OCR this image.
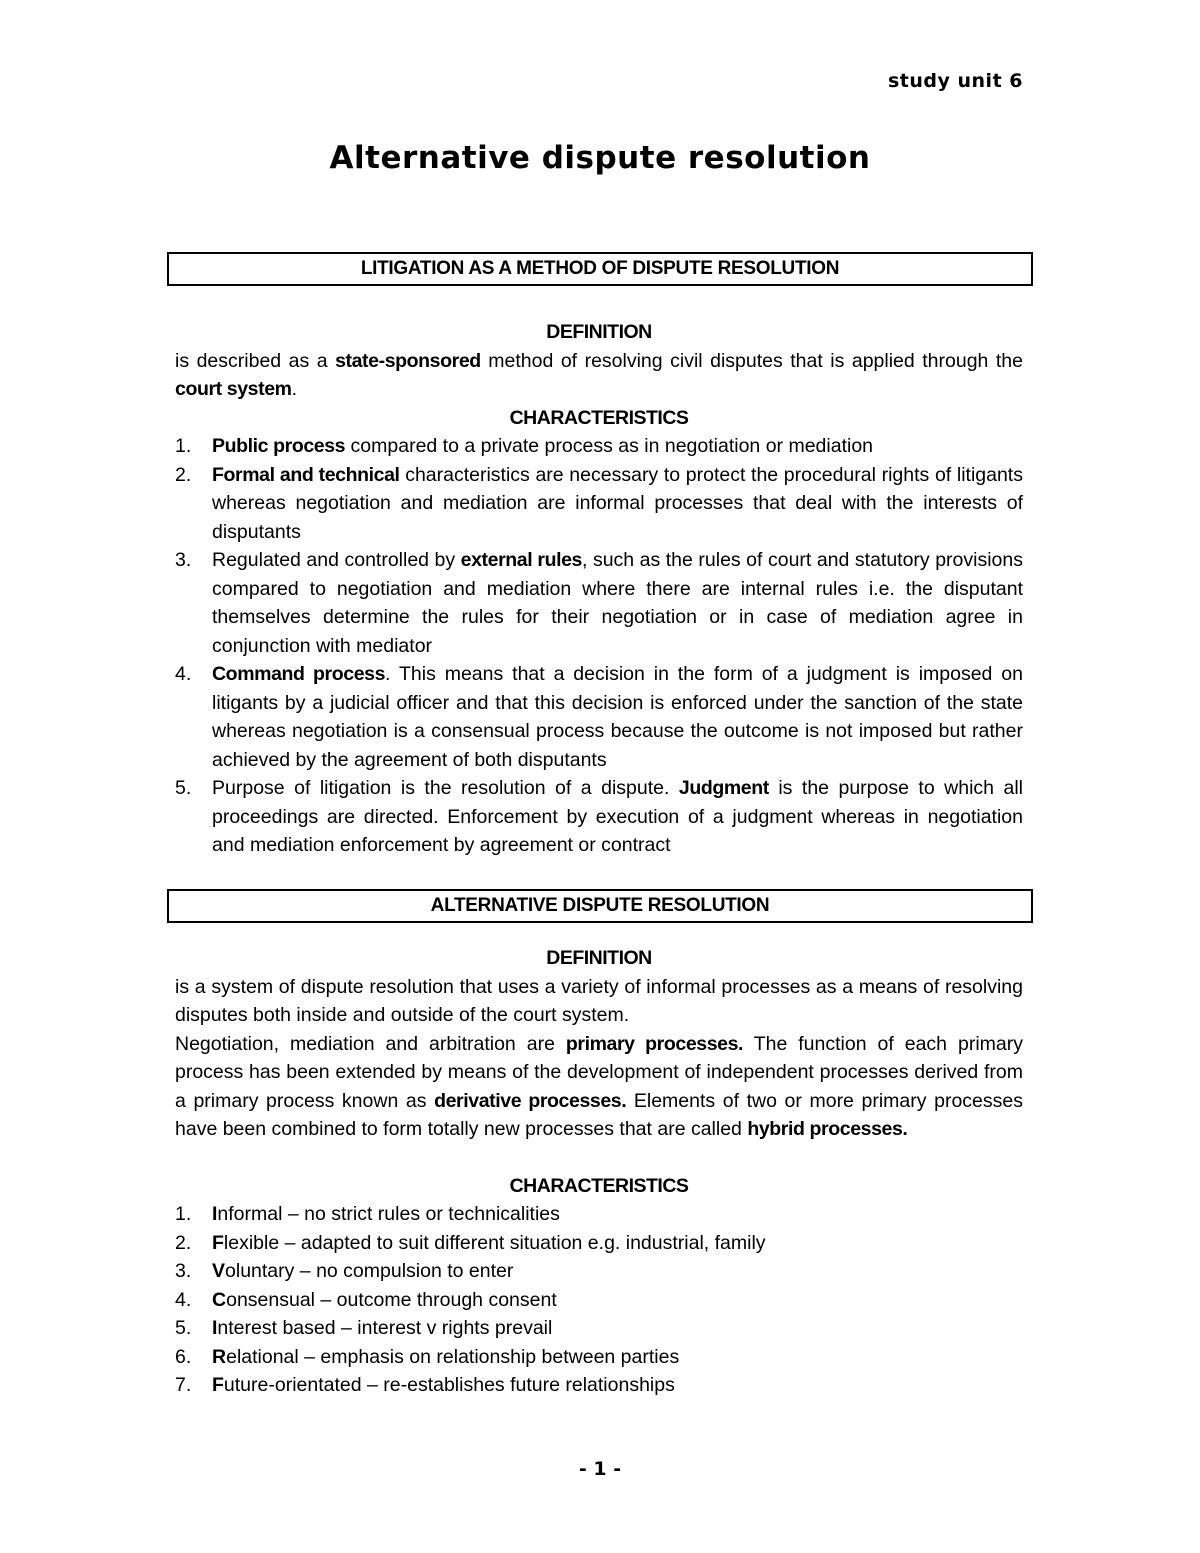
study unit 6
Alternative dispute resolution
LITIGATION AS A METHOD OF DISPUTE RESOLUTION
DEFINITION
is described as a state-sponsored method of resolving civil disputes that is applied through the court system.
CHARACTERISTICS
1. Public process compared to a private process as in negotiation or mediation
2. Formal and technical characteristics are necessary to protect the procedural rights of litigants whereas negotiation and mediation are informal processes that deal with the interests of disputants
3. Regulated and controlled by external rules, such as the rules of court and statutory provisions compared to negotiation and mediation where there are internal rules i.e. the disputant themselves determine the rules for their negotiation or in case of mediation agree in conjunction with mediator
4. Command process. This means that a decision in the form of a judgment is imposed on litigants by a judicial officer and that this decision is enforced under the sanction of the state whereas negotiation is a consensual process because the outcome is not imposed but rather achieved by the agreement of both disputants
5. Purpose of litigation is the resolution of a dispute. Judgment is the purpose to which all proceedings are directed. Enforcement by execution of a judgment whereas in negotiation and mediation enforcement by agreement or contract
ALTERNATIVE DISPUTE RESOLUTION
DEFINITION
is a system of dispute resolution that uses a variety of informal processes as a means of resolving disputes both inside and outside of the court system.
Negotiation, mediation and arbitration are primary processes. The function of each primary process has been extended by means of the development of independent processes derived from a primary process known as derivative processes. Elements of two or more primary processes have been combined to form totally new processes that are called hybrid processes.
CHARACTERISTICS
1. Informal – no strict rules or technicalities
2. Flexible – adapted to suit different situation e.g. industrial, family
3. Voluntary – no compulsion to enter
4. Consensual – outcome through consent
5. Interest based – interest v rights prevail
6. Relational – emphasis on relationship between parties
7. Future-orientated – re-establishes future relationships
- 1 -
